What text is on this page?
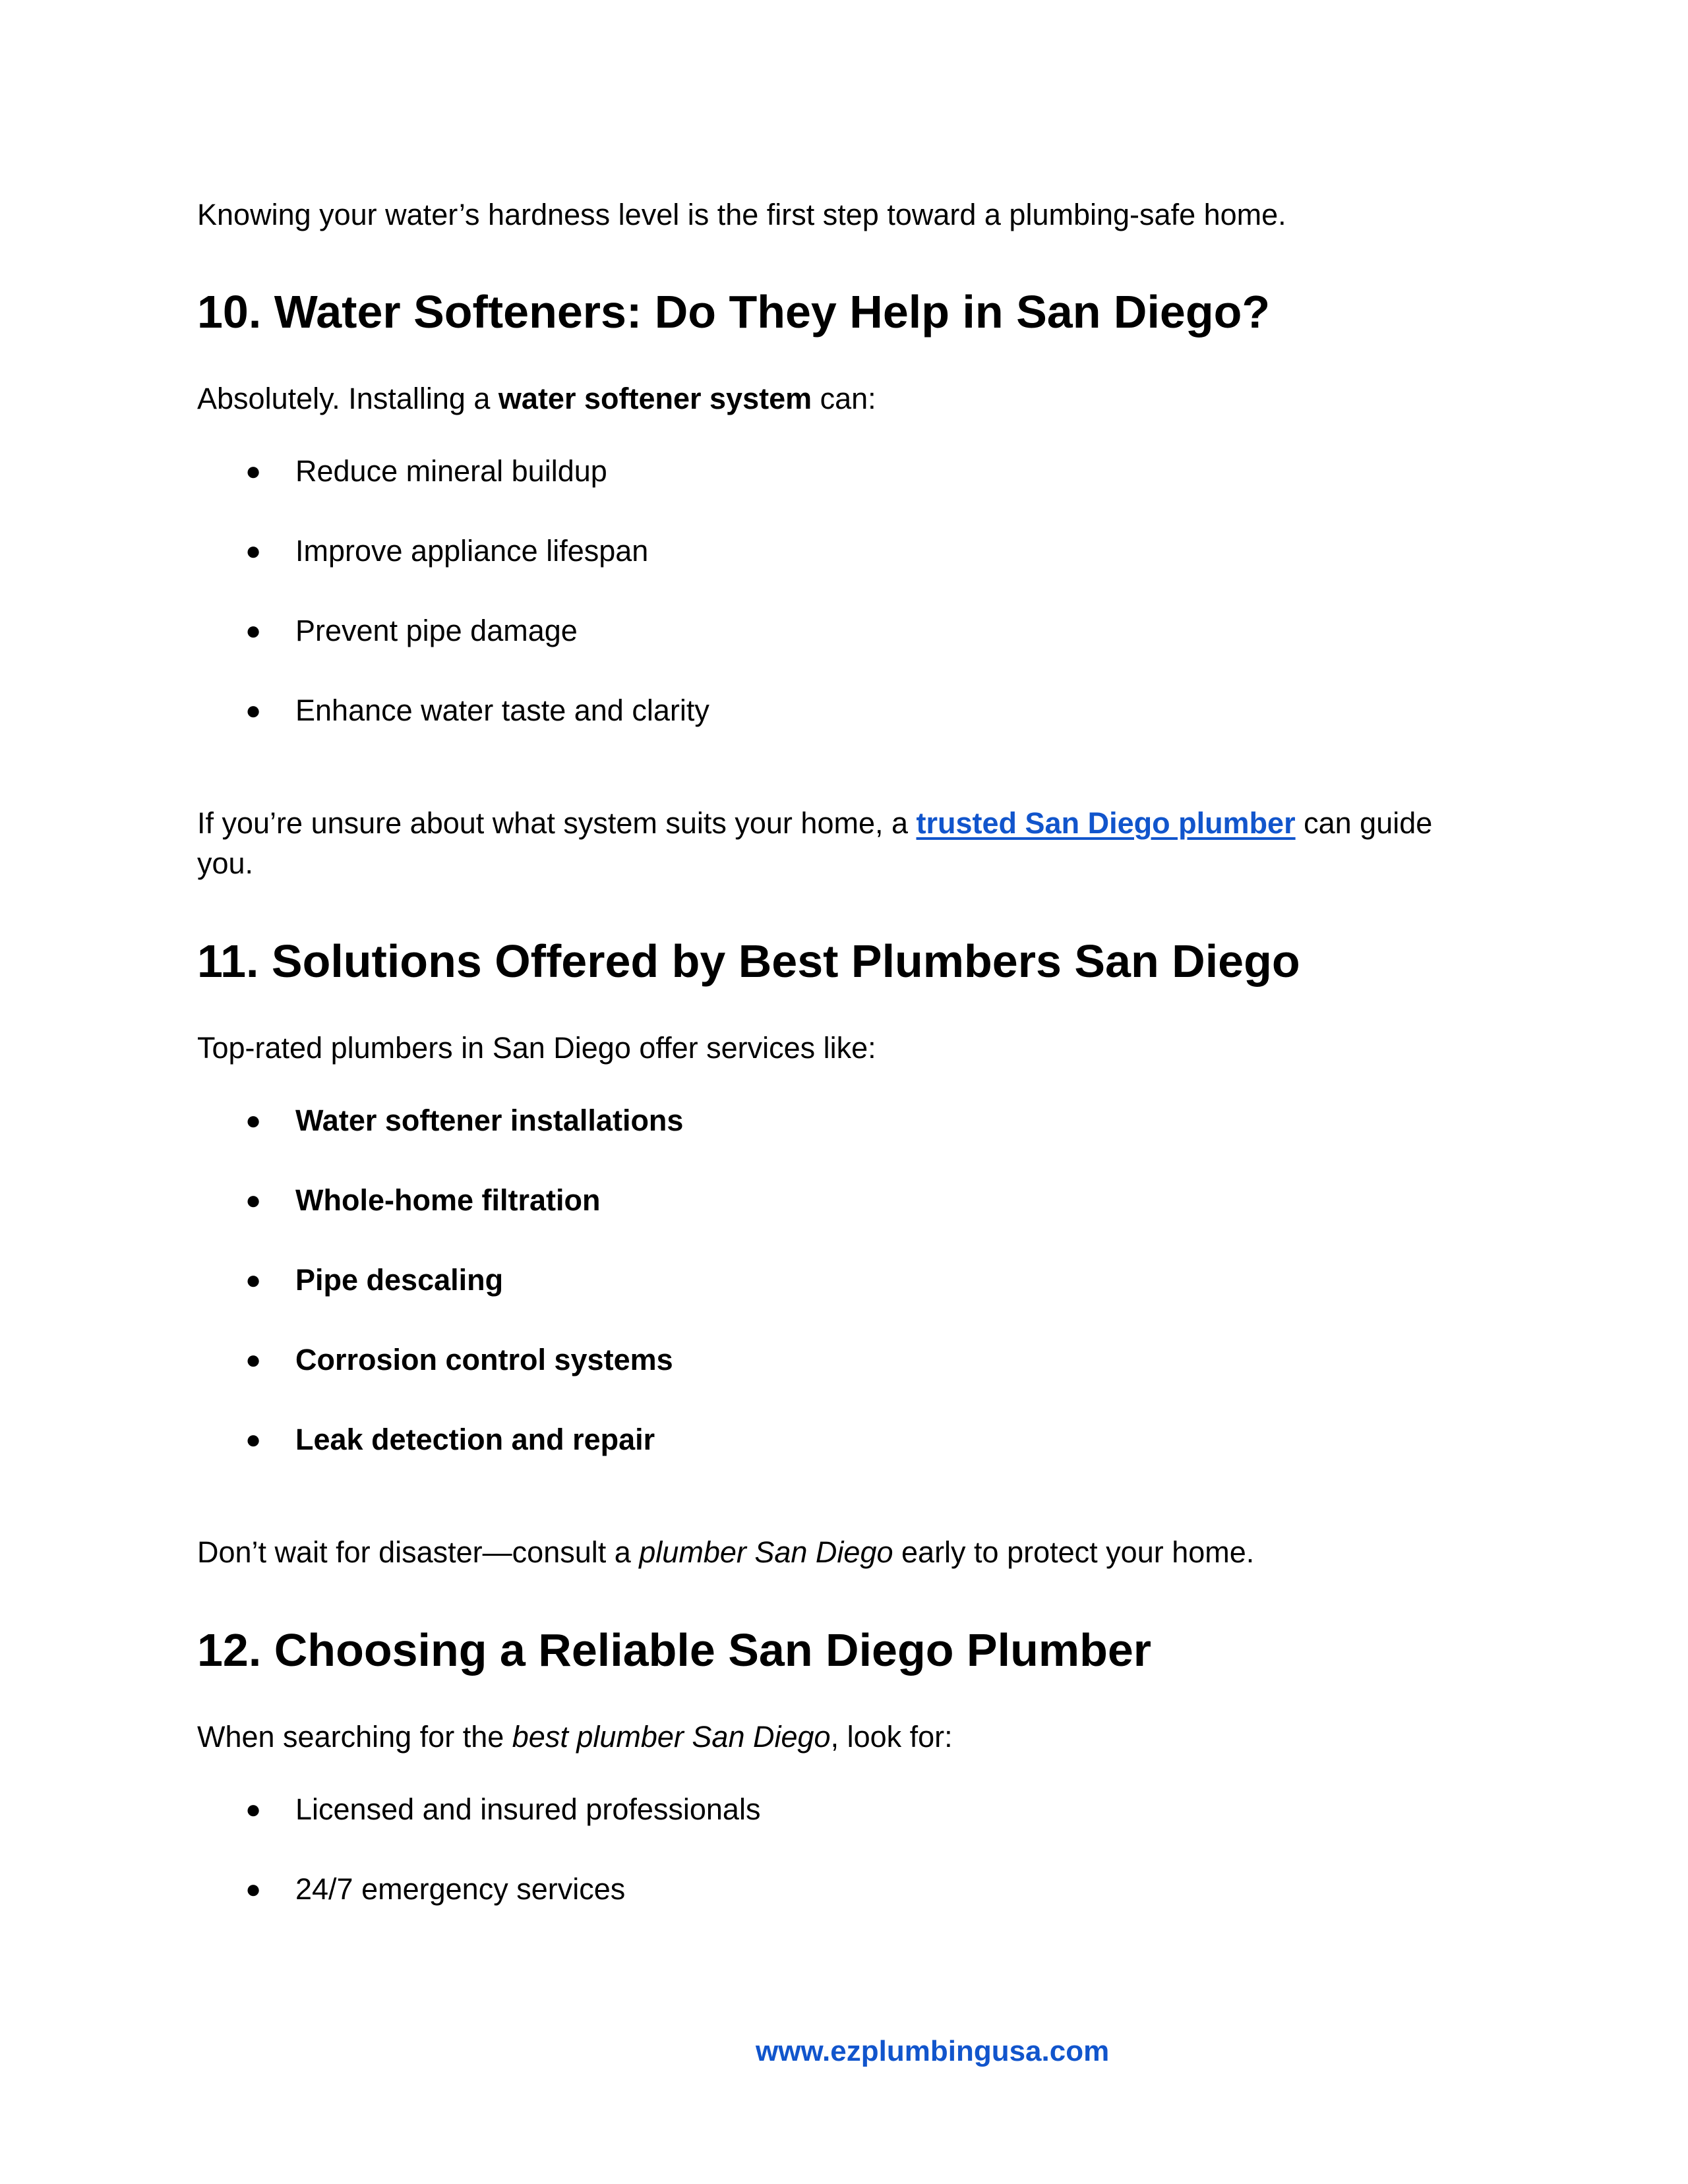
Knowing your water’s hardness level is the first step toward a plumbing-safe home.

10. Water Softeners: Do They Help in San Diego?

Absolutely. Installing a water softener system can:

● Reduce mineral buildup
● Improve appliance lifespan
● Prevent pipe damage
● Enhance water taste and clarity

If you’re unsure about what system suits your home, a trusted San Diego plumber can guide

you.

11. Solutions Offered by Best Plumbers San Diego

Top-rated plumbers in San Diego offer services like:

● Water softener installations
● Whole-home filtration
● Pipe descaling
● Corrosion control systems
● Leak detection and repair

Don’t wait for disaster—consult a plumber San Diego early to protect your home.

12. Choosing a Reliable San Diego Plumber

When searching for the best plumber San Diego, look for:

● Licensed and insured professionals
● 24/7 emergency services
www.ezplumbingusa.com
